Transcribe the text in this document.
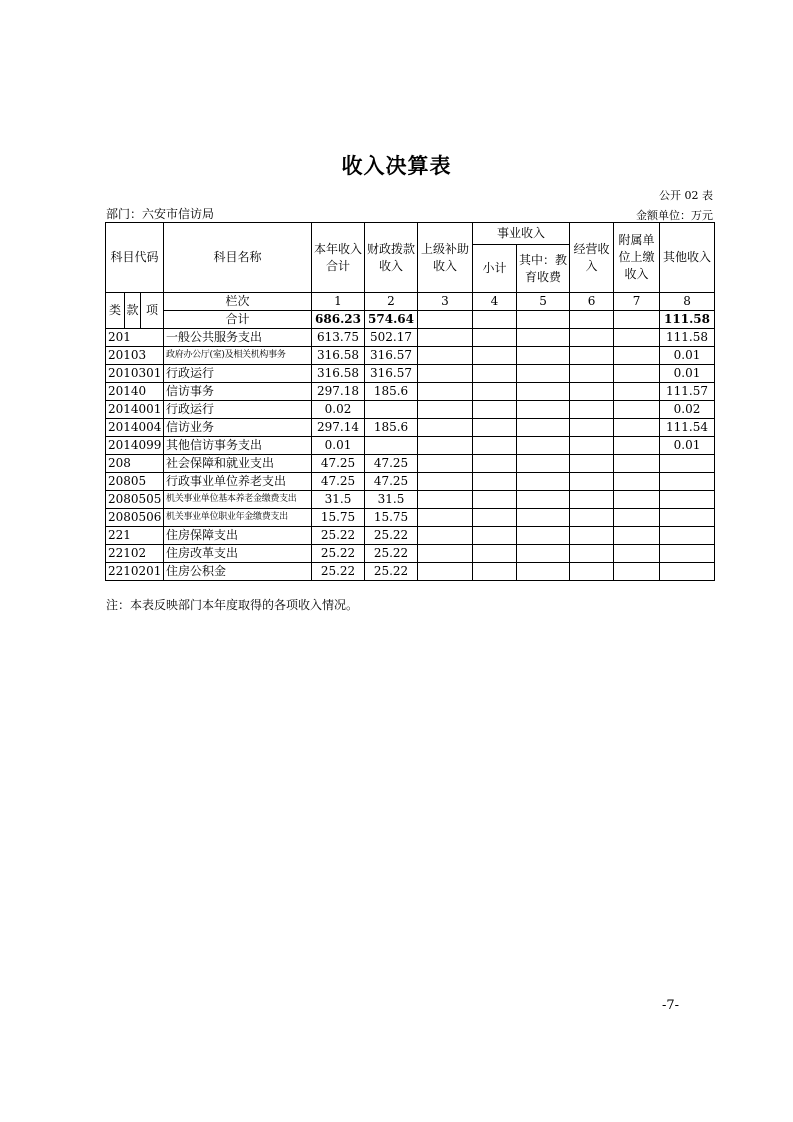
收入决算表
公开 02 表
部门：六安市信访局	金额单位：万元
科目代码			科目名称	本年收入合计	财政拨款收入	上级补助收入	事业收入		经营收入	附属单位上缴收入	其他收入
							小计	其中：教育收费			
类	款	项	栏次	1	2	3	4	5	6	7	8
			合计	686.23	574.64						111.58
201			一般公共服务支出	613.75	502.17						111.58
20103			政府办公厅(室)及相关机构事务	316.58	316.57						0.01
2010301			行政运行	316.58	316.57						0.01
20140			信访事务	297.18	185.6						111.57
2014001			行政运行	0.02							0.02
2014004			信访业务	297.14	185.6						111.54
2014099			其他信访事务支出	0.01							0.01
208			社会保障和就业支出	47.25	47.25						
20805			行政事业单位养老支出	47.25	47.25						
2080505			机关事业单位基本养老金缴费支出	31.5	31.5						
2080506			机关事业单位职业年金缴费支出	15.75	15.75						
221			住房保障支出	25.22	25.22						
22102			住房改革支出	25.22	25.22						
2210201			住房公积金	25.22	25.22						
注：本表反映部门本年度取得的各项收入情况。
-7-
